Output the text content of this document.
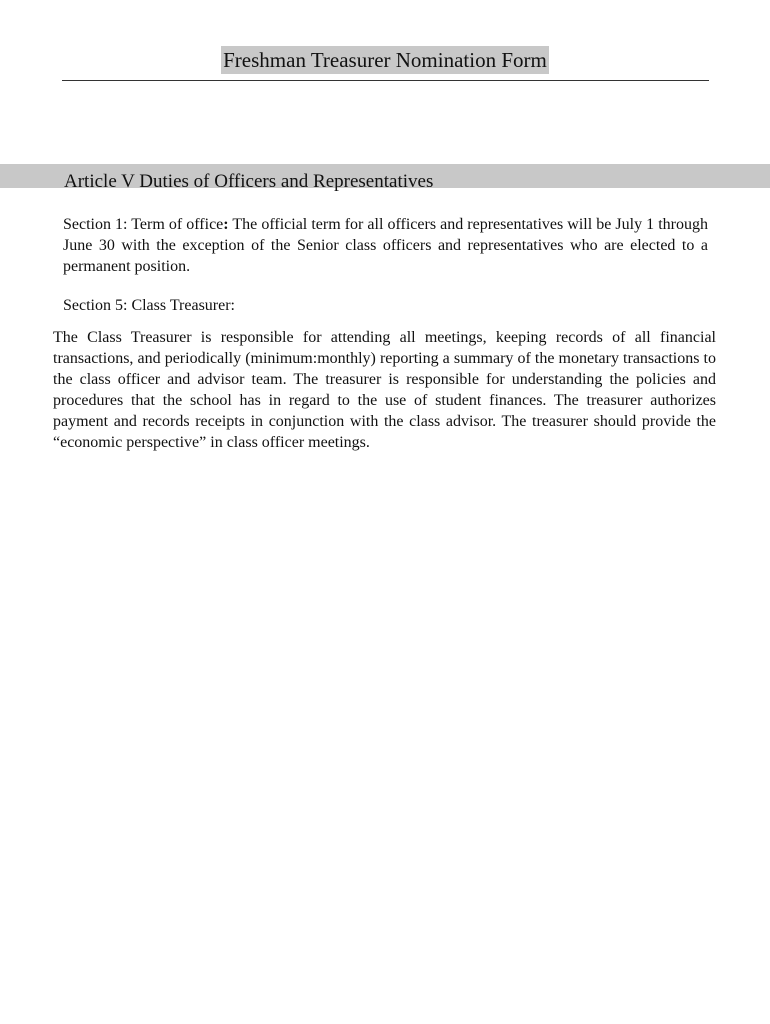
Freshman Treasurer Nomination Form
Article V Duties of Officers and Representatives

Section 1: Term of office: The official term for all officers and representatives will be July 1 through June 30 with the exception of the Senior class officers and representatives who are elected to a permanent position.

Section 5: Class Treasurer:

The Class Treasurer is responsible for attending all meetings, keeping records of all financial transactions, and periodically (minimum:monthly) reporting a summary of the monetary transactions to the class officer and advisor team. The treasurer is responsible for understanding the policies and procedures that the school has in regard to the use of student finances. The treasurer authorizes payment and records receipts in conjunction with the class advisor. The treasurer should provide the “economic perspective” in class officer meetings.
